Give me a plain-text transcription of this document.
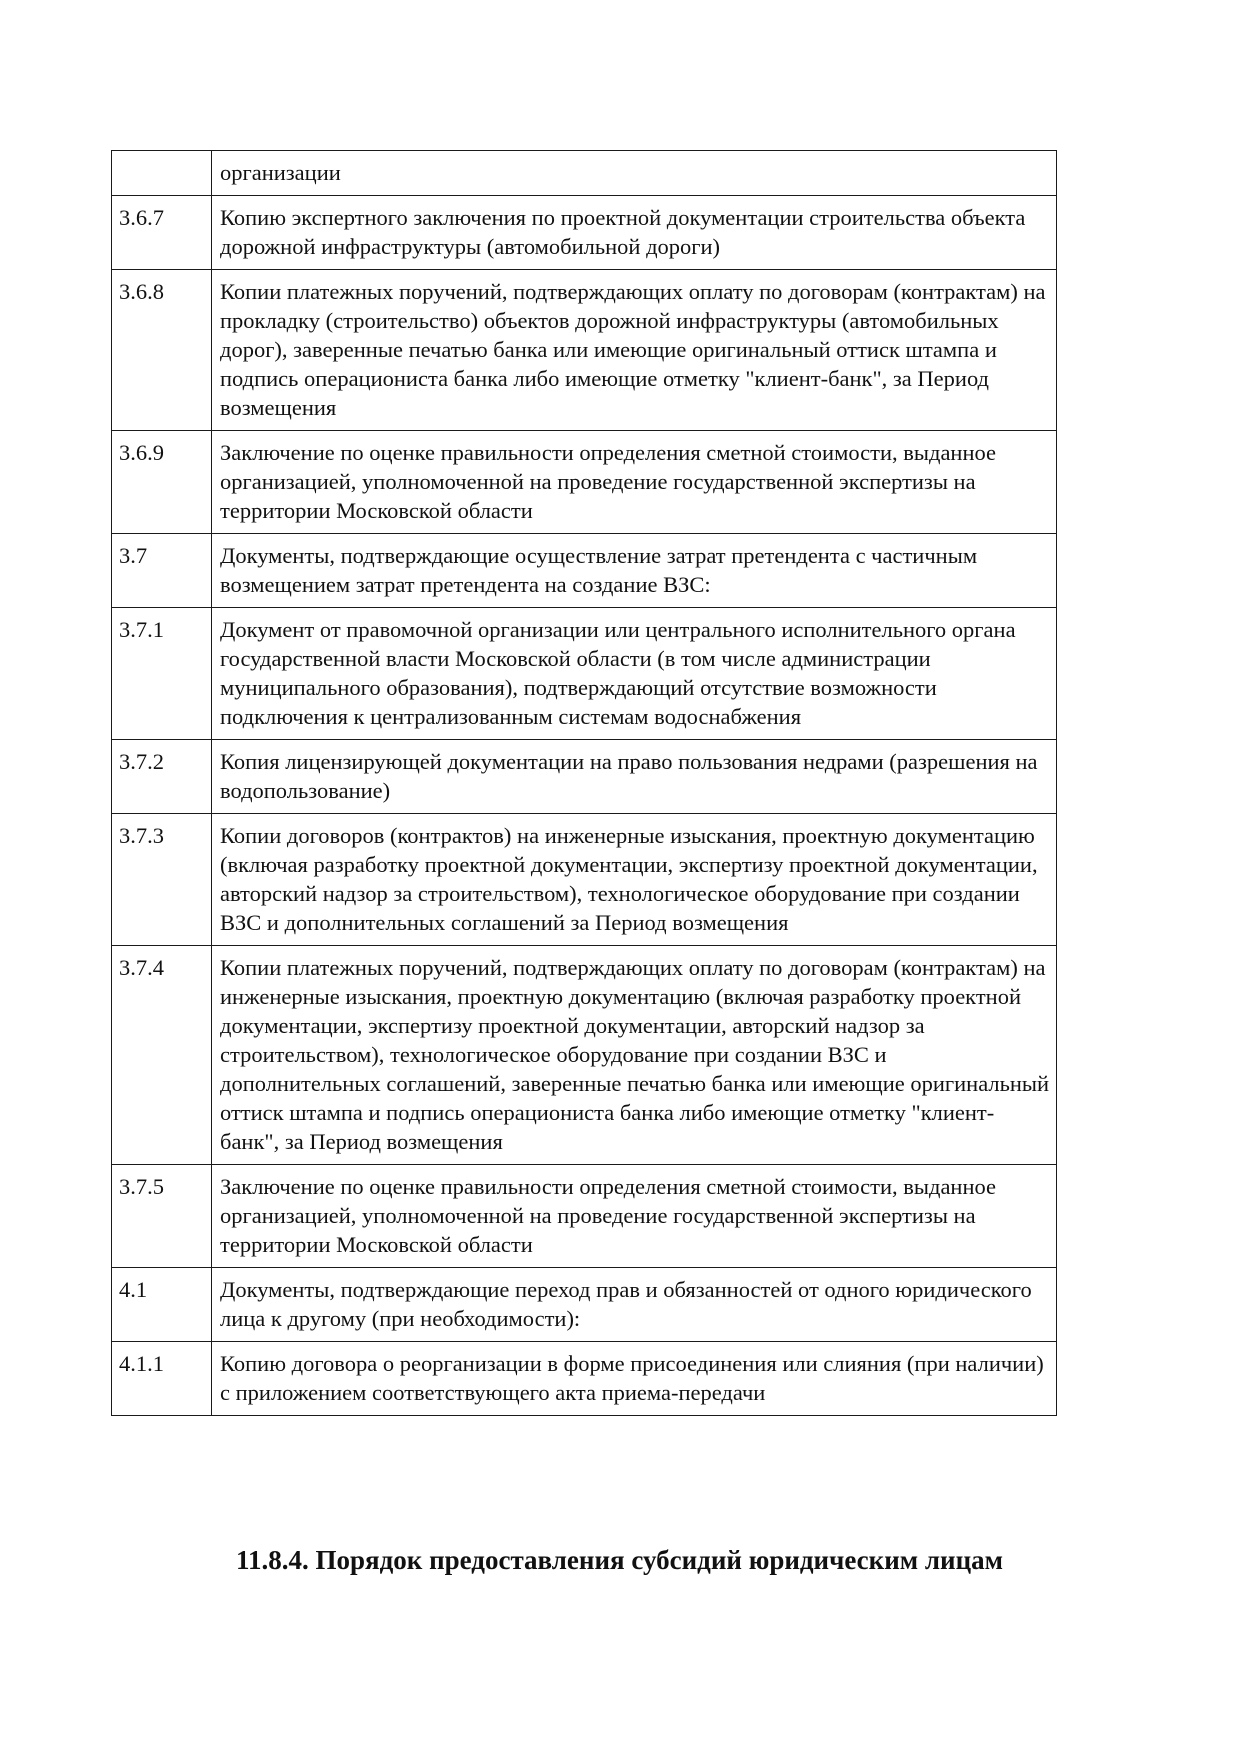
	организации
3.6.7	Копию экспертного заключения по проектной документации строительства объекта дорожной инфраструктуры (автомобильной дороги)
3.6.8	Копии платежных поручений, подтверждающих оплату по договорам (контрактам) на прокладку (строительство) объектов дорожной инфраструктуры (автомобильных дорог), заверенные печатью банка или имеющие оригинальный оттиск штампа и подпись операциониста банка либо имеющие отметку "клиент-банк", за Период возмещения
3.6.9	Заключение по оценке правильности определения сметной стоимости, выданное организацией, уполномоченной на проведение государственной экспертизы на территории Московской области
3.7	Документы, подтверждающие осуществление затрат претендента с частичным возмещением затрат претендента на создание ВЗС:
3.7.1	Документ от правомочной организации или центрального исполнительного органа государственной власти Московской области (в том числе администрации муниципального образования), подтверждающий отсутствие возможности подключения к централизованным системам водоснабжения
3.7.2	Копия лицензирующей документации на право пользования недрами (разрешения на водопользование)
3.7.3	Копии договоров (контрактов) на инженерные изыскания, проектную документацию (включая разработку проектной документации, экспертизу проектной документации, авторский надзор за строительством), технологическое оборудование при создании ВЗС и дополнительных соглашений за Период возмещения
3.7.4	Копии платежных поручений, подтверждающих оплату по договорам (контрактам) на инженерные изыскания, проектную документацию (включая разработку проектной документации, экспертизу проектной документации, авторский надзор за строительством), технологическое оборудование при создании ВЗС и дополнительных соглашений, заверенные печатью банка или имеющие оригинальный оттиск штампа и подпись операциониста банка либо имеющие отметку "клиент-банк", за Период возмещения
3.7.5	Заключение по оценке правильности определения сметной стоимости, выданное организацией, уполномоченной на проведение государственной экспертизы на территории Московской области
4.1	Документы, подтверждающие переход прав и обязанностей от одного юридического лица к другому (при необходимости):
4.1.1	Копию договора о реорганизации в форме присоединения или слияния (при наличии) с приложением соответствующего акта приема-передачи
11.8.4. Порядок предоставления субсидий юридическим лицам
